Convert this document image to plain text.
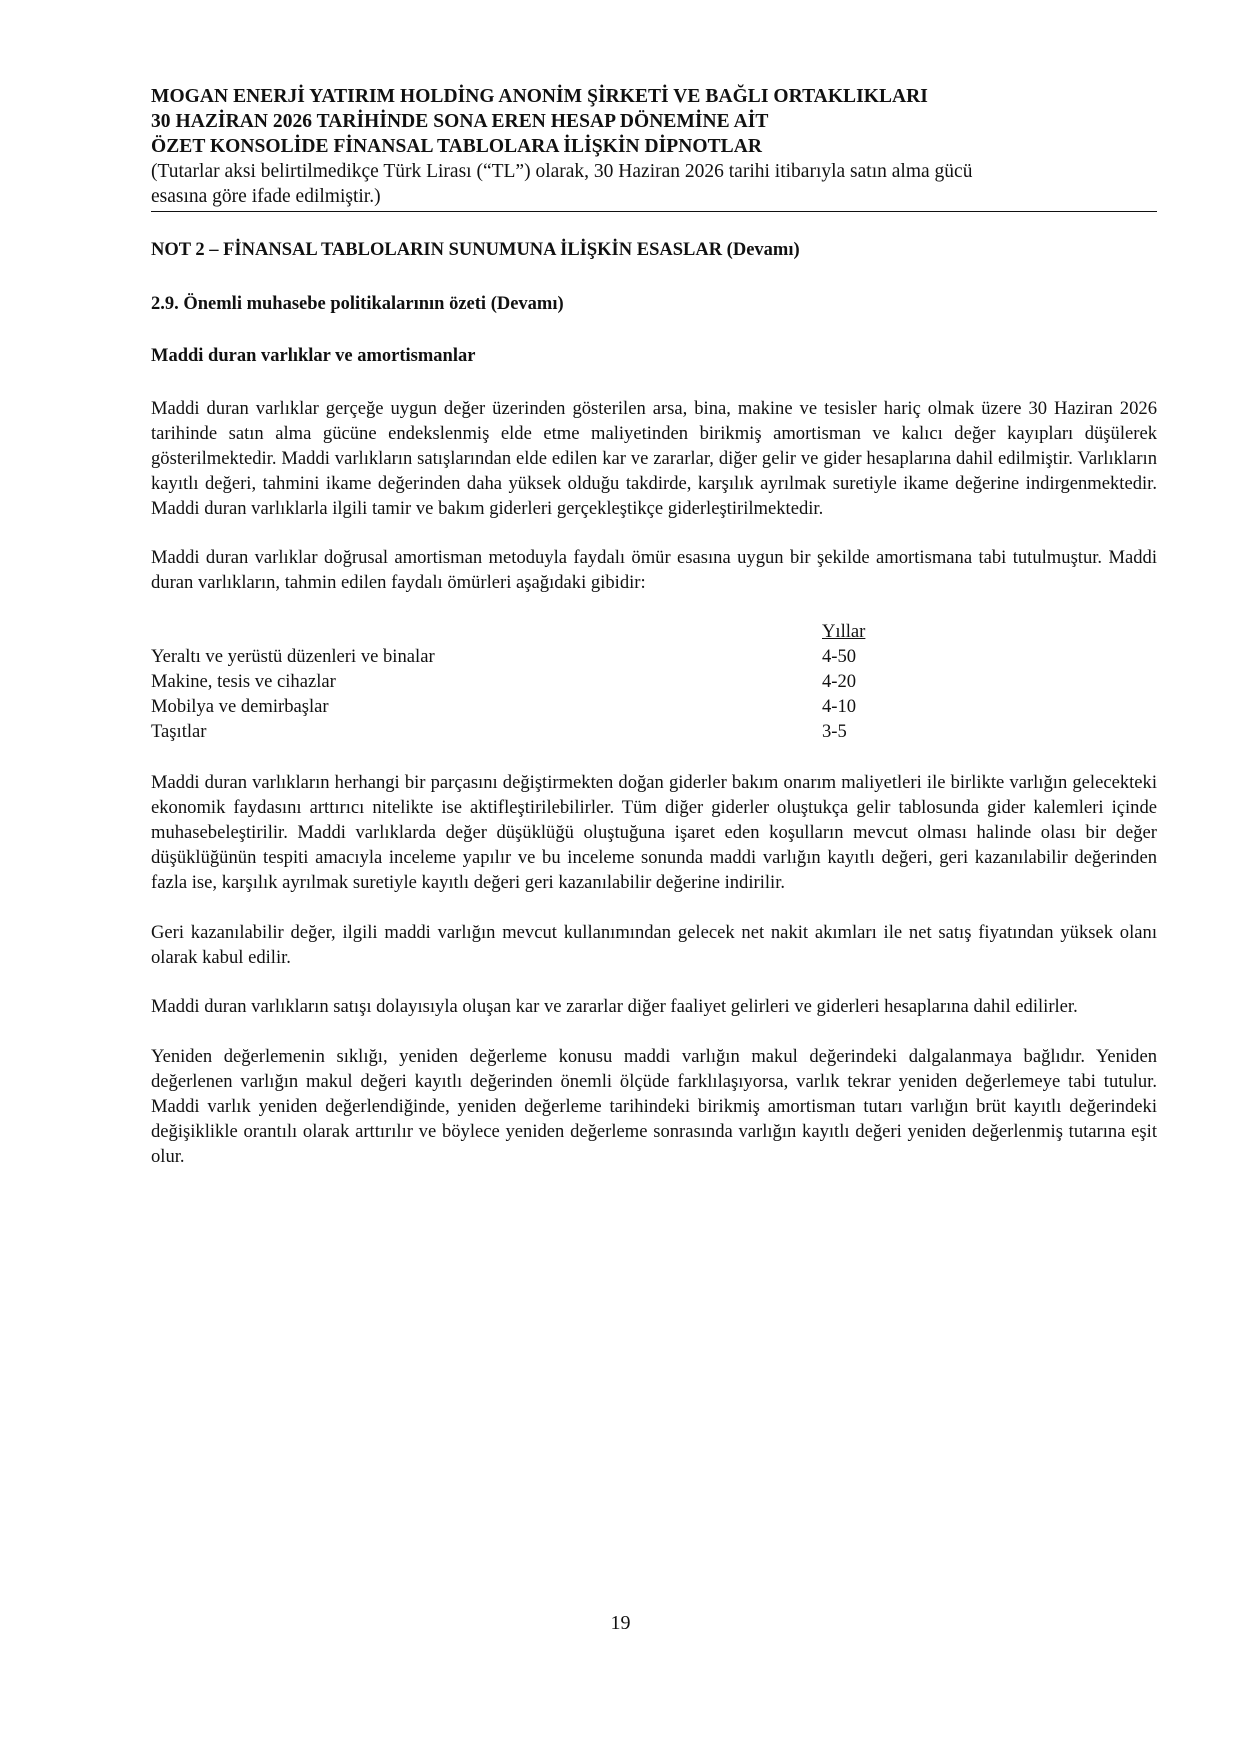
MOGAN ENERJİ YATIRIM HOLDİNG ANONİM ŞİRKETİ VE BAĞLI ORTAKLIKLARI
30 HAZİRAN 2026 TARİHİNDE SONA EREN HESAP DÖNEMİNE AİT
ÖZET KONSOLİDE FİNANSAL TABLOLARA İLİŞKİN DİPNOTLAR
(Tutarlar aksi belirtilmedikçe Türk Lirası (“TL”) olarak, 30 Haziran 2026 tarihi itibarıyla satın alma gücü
esasına göre ifade edilmiştir.)
NOT 2 – FİNANSAL TABLOLARIN SUNUMUNA İLİŞKİN ESASLAR (Devamı)
2.9. Önemli muhasebe politikalarının özeti (Devamı)
Maddi duran varlıklar ve amortismanlar

Maddi duran varlıklar gerçeğe uygun değer üzerinden gösterilen arsa, bina, makine ve tesisler hariç olmak üzere 30 Haziran 2026 tarihinde satın alma gücüne endekslenmiş elde etme maliyetinden birikmiş amortisman ve kalıcı değer kayıpları düşülerek gösterilmektedir. Maddi varlıkların satışlarından elde edilen kar ve zararlar, diğer gelir ve gider hesaplarına dahil edilmiştir. Varlıkların kayıtlı değeri, tahmini ikame değerinden daha yüksek olduğu takdirde, karşılık ayrılmak suretiyle ikame değerine indirgenmektedir. Maddi duran varlıklarla ilgili tamir ve bakım giderleri gerçekleştikçe giderleştirilmektedir.

Maddi duran varlıklar doğrusal amortisman metoduyla faydalı ömür esasına uygun bir şekilde amortismana tabi tutulmuştur. Maddi duran varlıkların, tahmin edilen faydalı ömürleri aşağıdaki gibidir:

Yıllar
Yeraltı ve yerüstü düzenleri ve binalar	4-50
Makine, tesis ve cihazlar	4-20
Mobilya ve demirbaşlar	4-10
Taşıtlar	3-5

Maddi duran varlıkların herhangi bir parçasını değiştirmekten doğan giderler bakım onarım maliyetleri ile birlikte varlığın gelecekteki ekonomik faydasını arttırıcı nitelikte ise aktifleştirilebilirler. Tüm diğer giderler oluştukça gelir tablosunda gider kalemleri içinde muhasebeleştirilir. Maddi varlıklarda değer düşüklüğü oluştuğuna işaret eden koşulların mevcut olması halinde olası bir değer düşüklüğünün tespiti amacıyla inceleme yapılır ve bu inceleme sonunda maddi varlığın kayıtlı değeri, geri kazanılabilir değerinden fazla ise, karşılık ayrılmak suretiyle kayıtlı değeri geri kazanılabilir değerine indirilir.

Geri kazanılabilir değer, ilgili maddi varlığın mevcut kullanımından gelecek net nakit akımları ile net satış fiyatından yüksek olanı olarak kabul edilir.

Maddi duran varlıkların satışı dolayısıyla oluşan kar ve zararlar diğer faaliyet gelirleri ve giderleri hesaplarına dahil edilirler.

Yeniden değerlemenin sıklığı, yeniden değerleme konusu maddi varlığın makul değerindeki dalgalanmaya bağlıdır. Yeniden değerlenen varlığın makul değeri kayıtlı değerinden önemli ölçüde farklılaşıyorsa, varlık tekrar yeniden değerlemeye tabi tutulur. Maddi varlık yeniden değerlendiğinde, yeniden değerleme tarihindeki birikmiş amortisman tutarı varlığın brüt kayıtlı değerindeki değişiklikle orantılı olarak arttırılır ve böylece yeniden değerleme sonrasında varlığın kayıtlı değeri yeniden değerlenmiş tutarına eşit olur.

19
